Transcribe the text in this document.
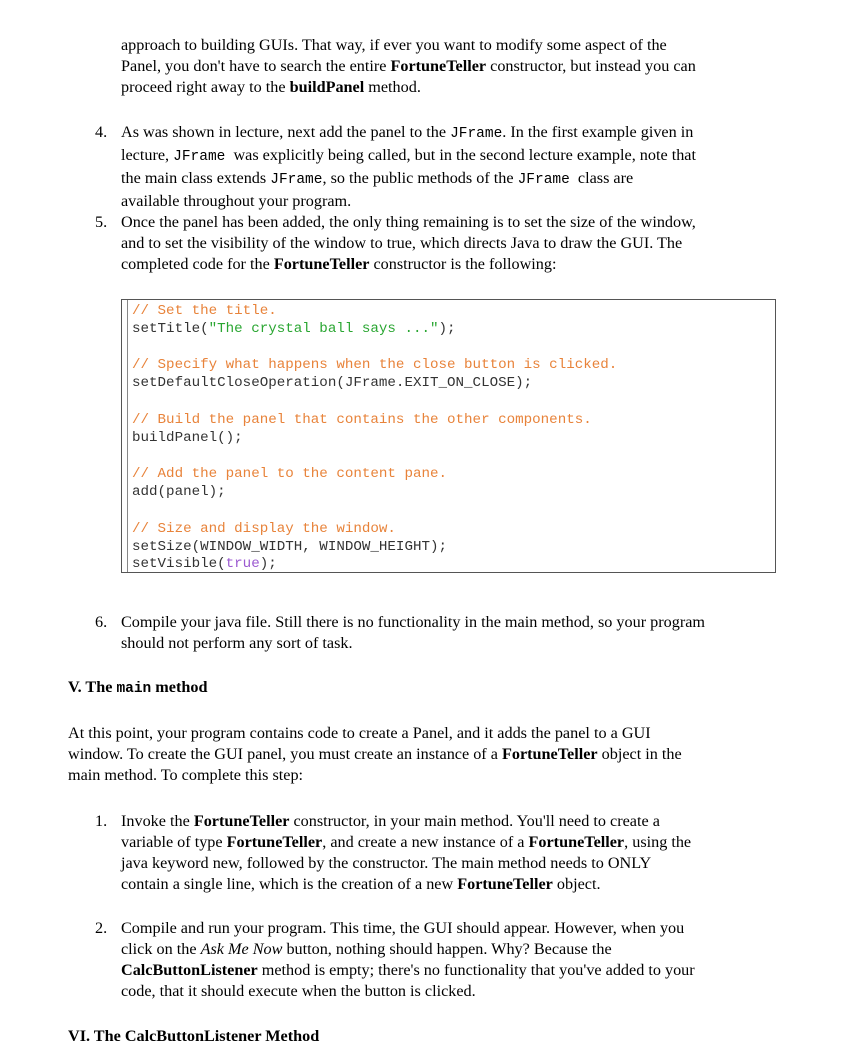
approach to building GUIs. That way, if ever you want to modify some aspect of the
Panel, you don't have to search the entire FortuneTeller constructor, but instead you can
proceed right away to the buildPanel method.
4. As was shown in lecture, next add the panel to the JFrame. In the first example given in
lecture, JFrame  was explicitly being called, but in the second lecture example, note that
the main class extends JFrame, so the public methods of the JFrame  class are
available throughout your program.
5. Once the panel has been added, the only thing remaining is to set the size of the window,
and to set the visibility of the window to true, which directs Java to draw the GUI. The
completed code for the FortuneTeller constructor is the following:
// Set the title.
setTitle("The crystal ball says ...");
// Specify what happens when the close button is clicked.
setDefaultCloseOperation(JFrame.EXIT_ON_CLOSE);
// Build the panel that contains the other components.
buildPanel();
// Add the panel to the content pane.
add(panel);
// Size and display the window.
setSize(WINDOW_WIDTH, WINDOW_HEIGHT);
setVisible(true);
6. Compile your java file. Still there is no functionality in the main method, so your program
should not perform any sort of task.
V. The main method
At this point, your program contains code to create a Panel, and it adds the panel to a GUI
window. To create the GUI panel, you must create an instance of a FortuneTeller object in the
main method. To complete this step:
1. Invoke the FortuneTeller constructor, in your main method. You'll need to create a
variable of type FortuneTeller, and create a new instance of a FortuneTeller, using the
java keyword new, followed by the constructor. The main method needs to ONLY
contain a single line, which is the creation of a new FortuneTeller object.
2. Compile and run your program. This time, the GUI should appear. However, when you
click on the Ask Me Now button, nothing should happen. Why? Because the
CalcButtonListener method is empty; there's no functionality that you've added to your
code, that it should execute when the button is clicked.
VI. The CalcButtonListener Method
